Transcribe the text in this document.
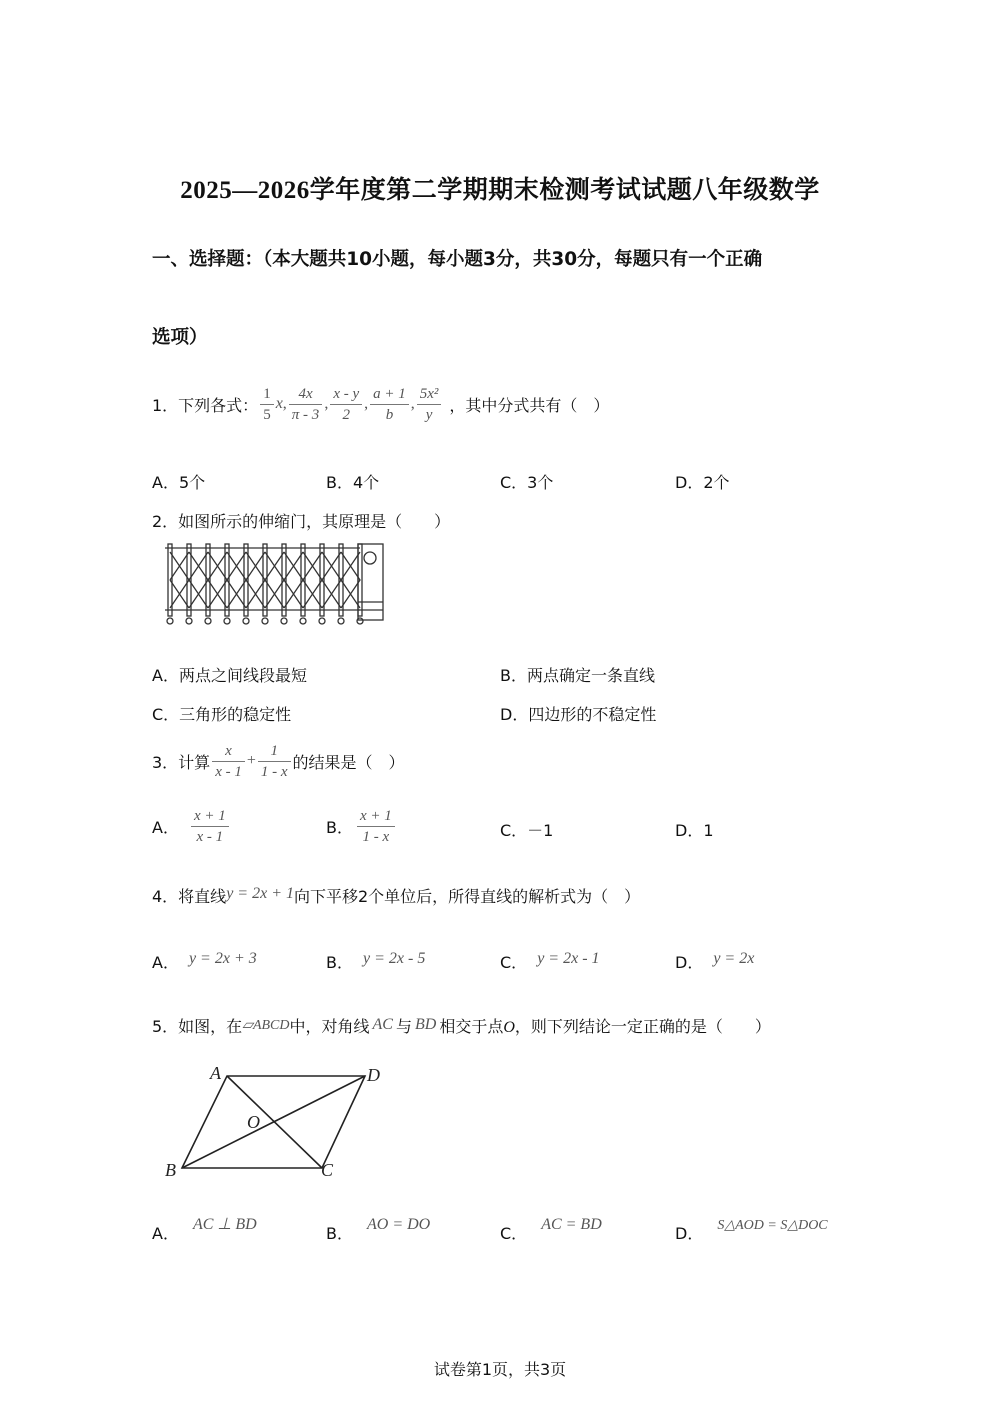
2025—2026学年度第二学期期末检测考试试题八年级数学
一、选择题：（本大题共10小题，每小题3分，共30分，每题只有一个正确
选项）
1．下列各式： $\frac{1}{5}$ x , $\frac{4x}{\pi - 3}$ , $\frac{x - y}{2}$ , $\frac{a + 1}{b}$ , $\frac{\text{5x²}}{y}$ ，其中分式共有（　）
A．5个	B．4个	C．3个	D．2个
2．如图所示的伸缩门，其原理是（　　）
A．两点之间线段最短	B．两点确定一条直线
C．三角形的稳定性	D．四边形的不稳定性
3．计算 $\frac{x}{x - 1} + \frac{1}{1 - x}$ 的结果是（　）
A． $\frac{x + 1}{x - 1}$	B． $\frac{x + 1}{1 - x}$	C．－1	D．1
4．将直线y = 2x + 1向下平移2个单位后，所得直线的解析式为（　）
A． y = 2x + 3	B． y = 2x - 5	C． y = 2x - 1	D． y = 2x
5．如图，在▱ABCD中，对角线 AC 与 BD 相交于点O，则下列结论一定正确的是（　　）
A	D
B	C
O
A． AC ⊥ BD	B． AO = DO	C． AC = BD	D． S△AOD = S△DOC
试卷第1页，共3页
